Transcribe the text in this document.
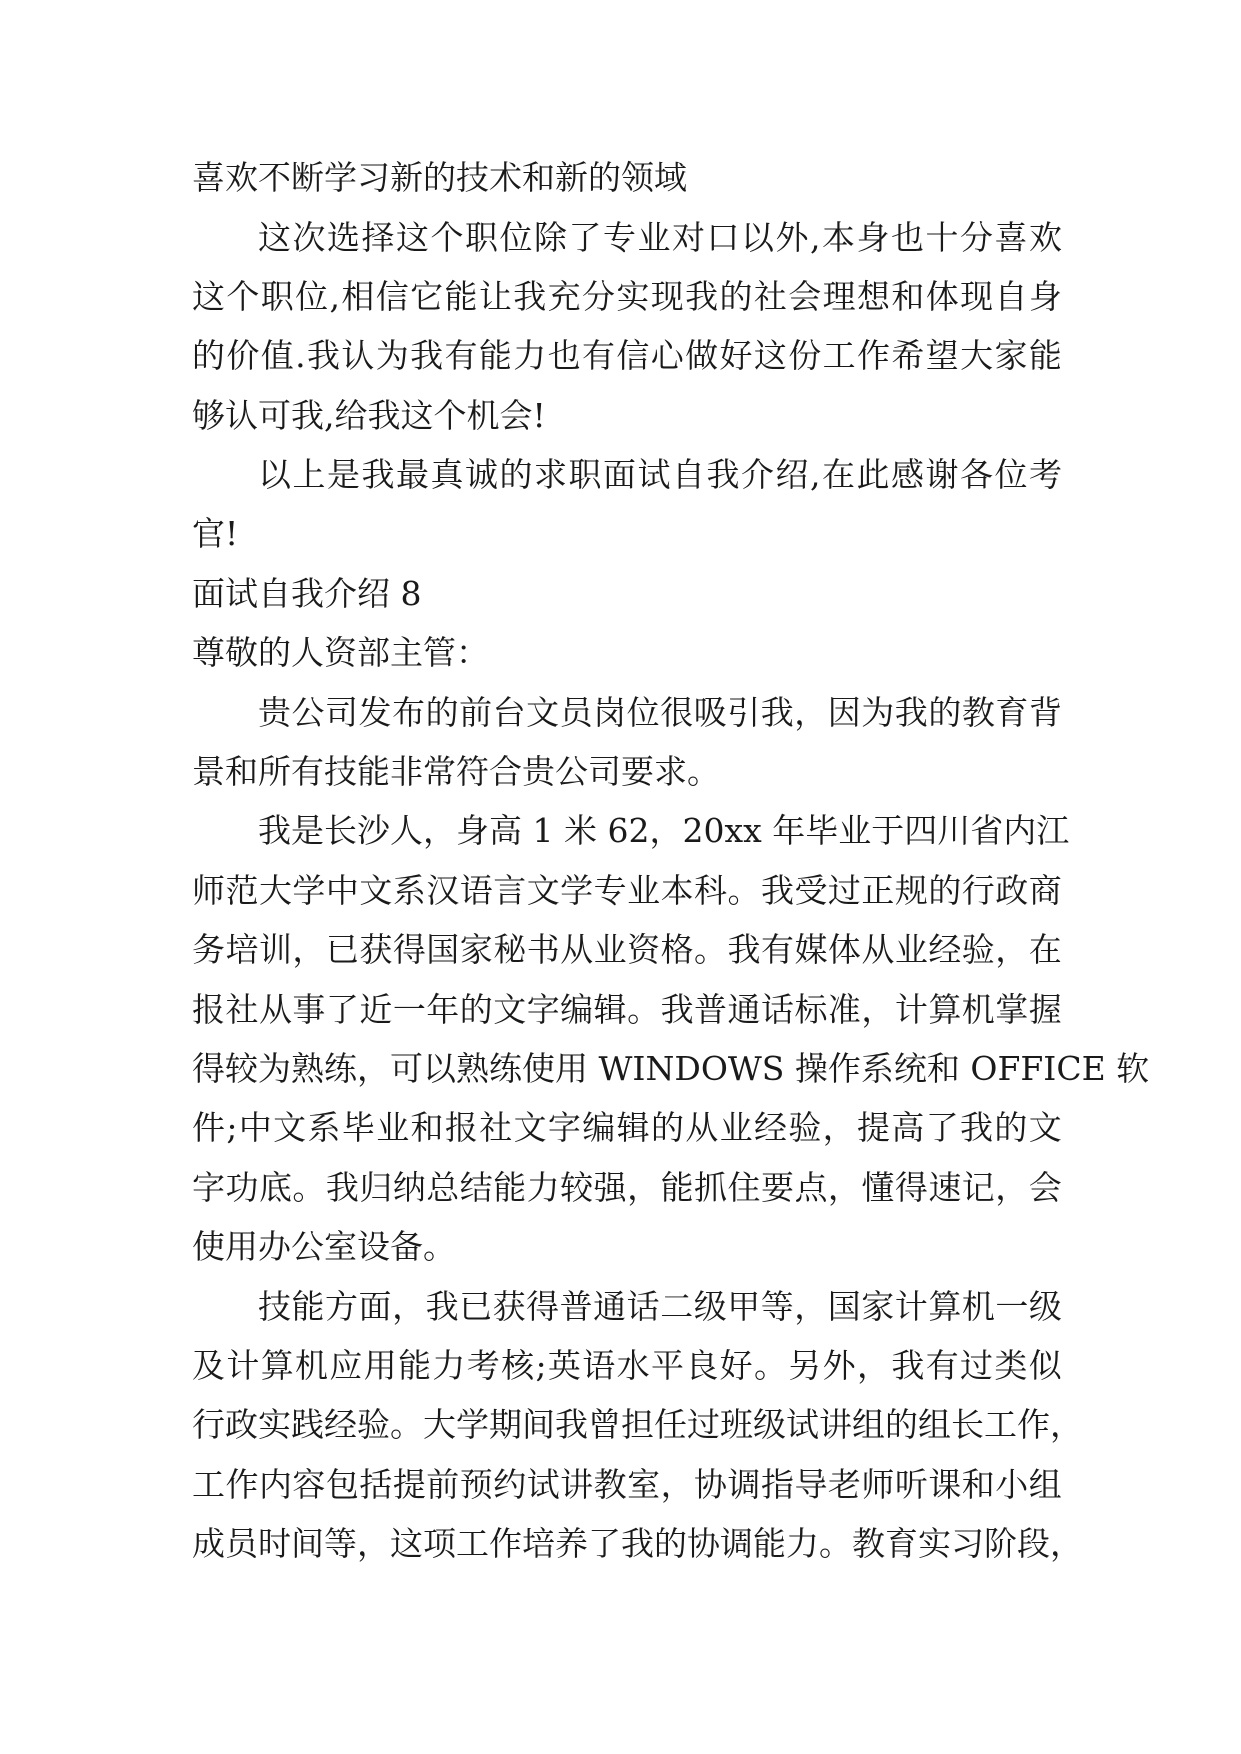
喜欢不断学习新的技术和新的领域
这 次 选 择 这 个 职 位 除 了 专 业 对 口 以 外 , 本 身 也 十 分 喜 欢
这 个 职 位 , 相 信 它 能 让 我 充 分 实 现 我 的 社 会 理 想 和 体 现 自 身
的 价 值 . 我 认 为 我 有 能 力 也 有 信 心 做 好 这 份 工 作 希 望 大 家 能
够认可我,给我这个机会!
以 上 是 我 最 真 诚 的 求 职 面 试 自 我 介 绍 , 在 此 感 谢 各 位 考
官!
面试自我介绍 8
尊敬的人资部主管：
贵 公 司 发 布 的 前 台 文 员 岗 位 很 吸 引 我 ， 因 为 我 的 教 育 背
景和所有技能非常符合贵公司要求。
我 是 长 沙 人 ， 身 高
1
米
6 2 ， 2 0 x x
年 毕 业 于 四 川 省 内 江
师 范 大 学 中 文 系 汉 语 言 文 学 专 业 本 科 。 我 受 过 正 规 的 行 政 商
务 培 训 ， 已 获 得 国 家 秘 书 从 业 资 格 。 我 有 媒 体 从 业 经 验 ， 在
报 社 从 事 了 近 一 年 的 文 字 编 辑 。 我 普 通 话 标 准 ， 计 算 机 掌 握
得 较 为 熟 练 ， 可 以 熟 练 使 用
W I N D O W S
操 作 系 统 和
O F F I C E
软
件 ; 中 文 系 毕 业 和 报 社 文 字 编 辑 的 从 业 经 验 ， 提 高 了 我 的 文
字 功 底 。 我 归 纳 总 结 能 力 较 强 ， 能 抓 住 要 点 ， 懂 得 速 记 ， 会
使用办公室设备。
技 能 方 面 ， 我 已 获 得 普 通 话 二 级 甲 等 ， 国 家 计 算 机 一 级
及 计 算 机 应 用 能 力 考 核 ; 英 语 水 平 良 好 。 另 外 ， 我 有 过 类 似
行 政 实 践 经 验 。 大 学 期 间 我 曾 担 任 过 班 级 试 讲 组 的 组 长 工 作 ，
工 作 内 容 包 括 提 前 预 约 试 讲 教 室 ， 协 调 指 导 老 师 听 课 和 小 组
成 员 时 间 等 ， 这 项 工 作 培 养 了 我 的 协 调 能 力 。 教 育 实 习 阶 段 ，
